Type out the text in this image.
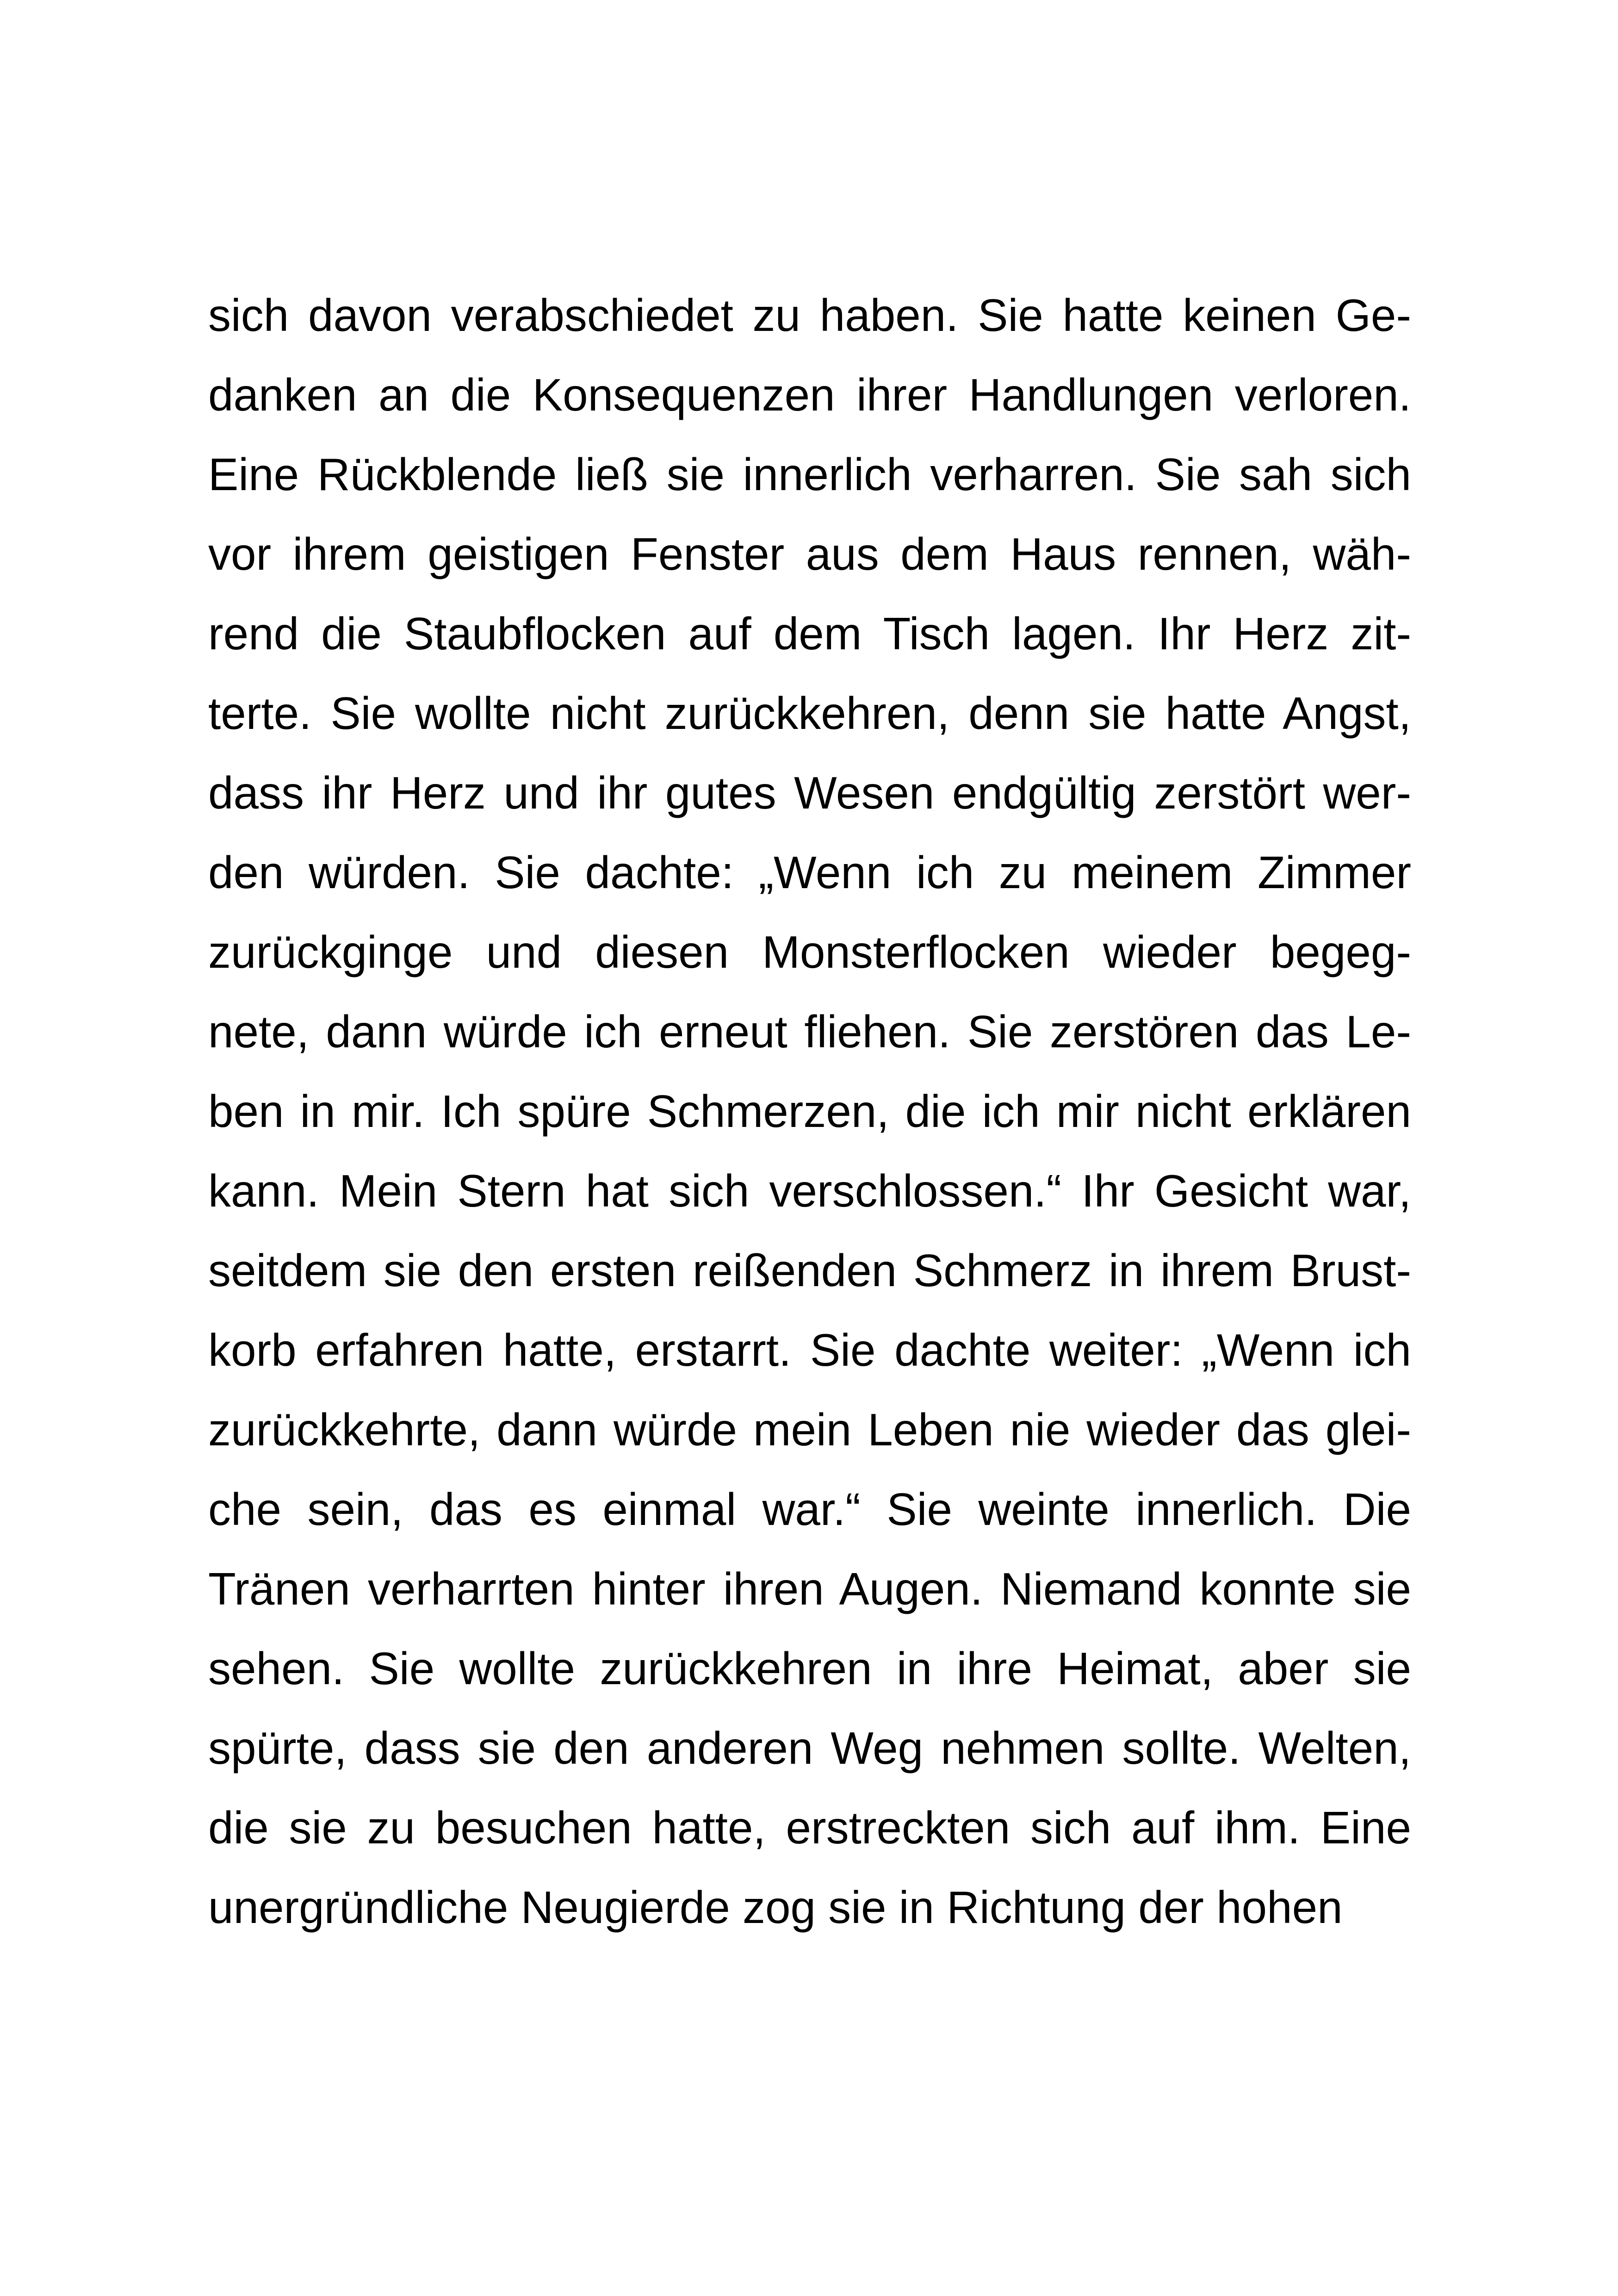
sich davon verabschiedet zu haben. Sie hatte keinen Ge-
danken an die Konsequenzen ihrer Handlungen verloren.
Eine Rückblende ließ sie innerlich verharren. Sie sah sich
vor ihrem geistigen Fenster aus dem Haus rennen, wäh-
rend die Staubflocken auf dem Tisch lagen. Ihr Herz zit-
terte. Sie wollte nicht zurückkehren, denn sie hatte Angst,
dass ihr Herz und ihr gutes Wesen endgültig zerstört wer-
den würden. Sie dachte: „Wenn ich zu meinem Zimmer
zurückginge und diesen Monsterflocken wieder begeg-
nete, dann würde ich erneut fliehen. Sie zerstören das Le-
ben in mir. Ich spüre Schmerzen, die ich mir nicht erklären
kann. Mein Stern hat sich verschlossen.“ Ihr Gesicht war,
seitdem sie den ersten reißenden Schmerz in ihrem Brust-
korb erfahren hatte, erstarrt. Sie dachte weiter: „Wenn ich
zurückkehrte, dann würde mein Leben nie wieder das glei-
che sein, das es einmal war.“ Sie weinte innerlich. Die
Tränen verharrten hinter ihren Augen. Niemand konnte sie
sehen. Sie wollte zurückkehren in ihre Heimat, aber sie
spürte, dass sie den anderen Weg nehmen sollte. Welten,
die sie zu besuchen hatte, erstreckten sich auf ihm. Eine
unergründliche Neugierde zog sie in Richtung der hohen
